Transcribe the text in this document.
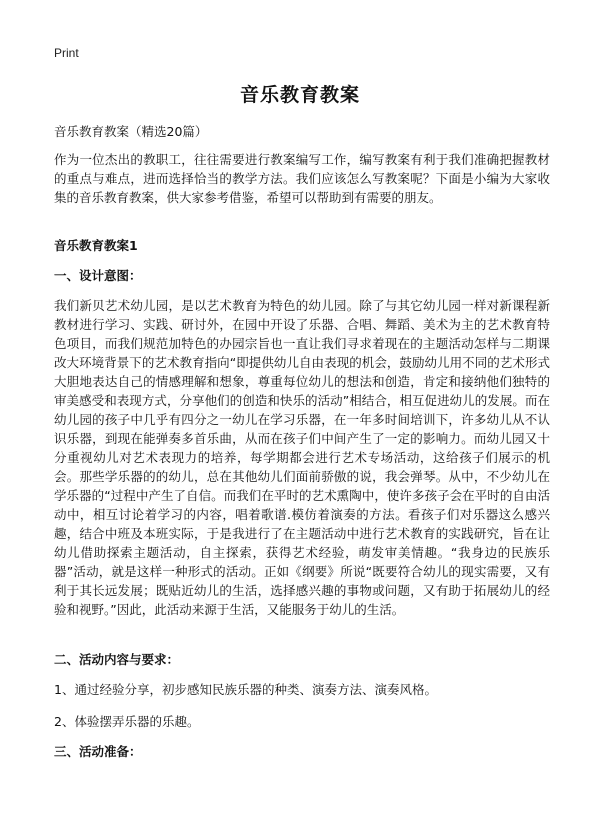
Print
音乐教育教案
音乐教育教案（精选20篇）

作为一位杰出的教职工，往往需要进行教案编写工作，编写教案有利于我们准确把握教材的重点与难点，进而选择恰当的教学方法。我们应该怎么写教案呢？下面是小编为大家收集的音乐教育教案，供大家参考借鉴，希望可以帮助到有需要的朋友。

音乐教育教案1
一、设计意图：

我们新贝艺术幼儿园，是以艺术教育为特色的幼儿园。除了与其它幼儿园一样对新课程新教材进行学习、实践、研讨外，在园中开设了乐器、合唱、舞蹈、美术为主的艺术教育特色项目，而我们规范加特色的办园宗旨也一直让我们寻求着现在的主题活动怎样与二期课改大环境背景下的艺术教育指向“即提供幼儿自由表现的机会，鼓励幼儿用不同的艺术形式大胆地表达自己的情感理解和想象，尊重每位幼儿的想法和创造，肯定和接纳他们独特的审美感受和表现方式，分享他们的创造和快乐的活动”相结合，相互促进幼儿的发展。而在幼儿园的孩子中几乎有四分之一幼儿在学习乐器，在一年多时间培训下，许多幼儿从不认识乐器，到现在能弹奏多首乐曲，从而在孩子们中间产生了一定的影响力。而幼儿园又十分重视幼儿对艺术表现力的培养，每学期都会进行艺术专场活动，这给孩子们展示的机会。那些学乐器的的幼儿，总在其他幼儿们面前骄傲的说，我会弹琴。从中，不少幼儿在学乐器的“过程中产生了自信。而我们在平时的艺术熏陶中，使许多孩子会在平时的自由活动中，相互讨论着学习的内容，唱着歌谱.模仿着演奏的方法。看孩子们对乐器这么感兴趣，结合中班及本班实际，于是我进行了在主题活动中进行艺术教育的实践研究，旨在让幼儿借助探索主题活动，自主探索，获得艺术经验，萌发审美情趣。“我身边的民族乐器”活动，就是这样一种形式的活动。正如《纲要》所说“既要符合幼儿的现实需要，又有利于其长远发展；既贴近幼儿的生活，选择感兴趣的事物或问题，又有助于拓展幼儿的经验和视野。”因此，此活动来源于生活，又能服务于幼儿的生活。

二、活动内容与要求：

1、通过经验分享，初步感知民族乐器的种类、演奏方法、演奏风格。

2、体验摆弄乐器的乐趣。

三、活动准备：
